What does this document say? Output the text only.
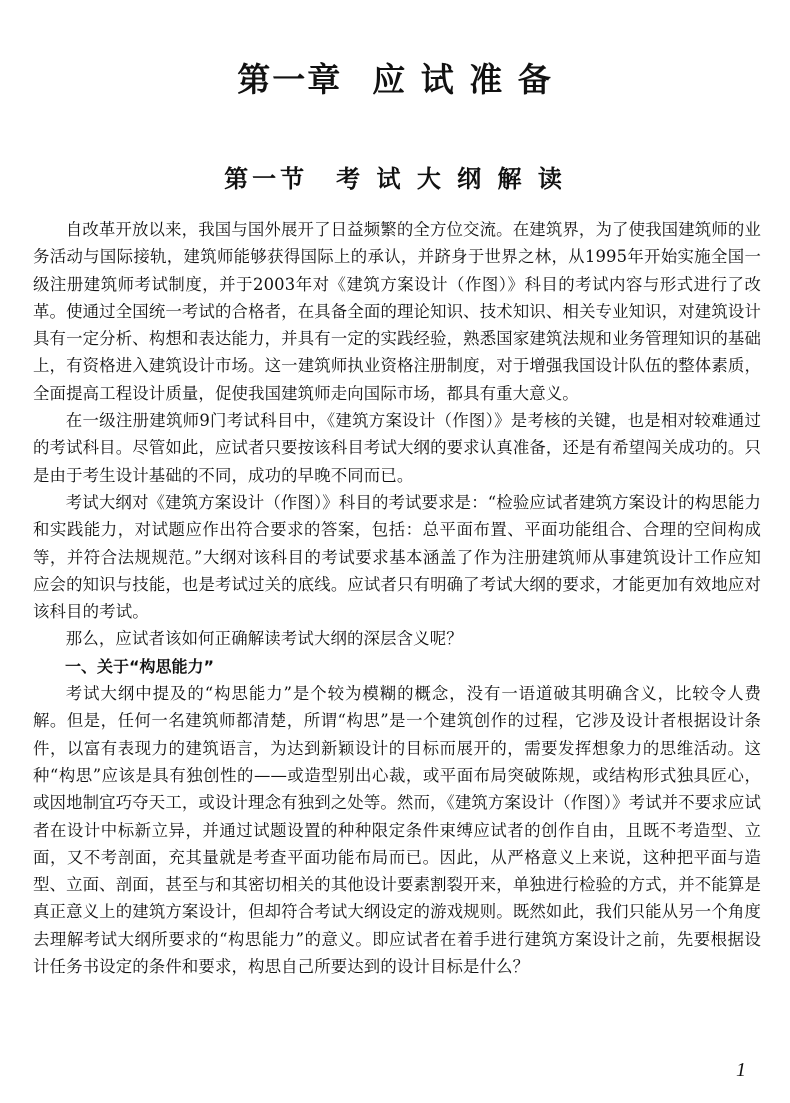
第一章 应 试 准 备
第一节 考 试 大 纲 解 读

自改革开放以来，我国与国外展开了日益频繁的全方位交流。在建筑界，为了使我国建筑师的业务活动与国际接轨，建筑师能够获得国际上的承认，并跻身于世界之林，从1995年开始实施全国一级注册建筑师考试制度，并于2003年对《建筑方案设计（作图）》科目的考试内容与形式进行了改革。使通过全国统一考试的合格者，在具备全面的理论知识、技术知识、相关专业知识，对建筑设计具有一定分析、构想和表达能力，并具有一定的实践经验，熟悉国家建筑法规和业务管理知识的基础上，有资格进入建筑设计市场。这一建筑师执业资格注册制度，对于增强我国设计队伍的整体素质，全面提高工程设计质量，促使我国建筑师走向国际市场，都具有重大意义。

在一级注册建筑师9门考试科目中，《建筑方案设计（作图）》是考核的关键，也是相对较难通过的考试科目。尽管如此，应试者只要按该科目考试大纲的要求认真准备，还是有希望闯关成功的。只是由于考生设计基础的不同，成功的早晚不同而已。

考试大纲对《建筑方案设计（作图）》科目的考试要求是：“检验应试者建筑方案设计的构思能力和实践能力，对试题应作出符合要求的答案，包括：总平面布置、平面功能组合、合理的空间构成等，并符合法规规范。”大纲对该科目的考试要求基本涵盖了作为注册建筑师从事建筑设计工作应知应会的知识与技能，也是考试过关的底线。应试者只有明确了考试大纲的要求，才能更加有效地应对该科目的考试。

那么，应试者该如何正确解读考试大纲的深层含义呢？

一、关于“构思能力”

考试大纲中提及的“构思能力”是个较为模糊的概念，没有一语道破其明确含义，比较令人费解。但是，任何一名建筑师都清楚，所谓“构思”是一个建筑创作的过程，它涉及设计者根据设计条件，以富有表现力的建筑语言，为达到新颖设计的目标而展开的，需要发挥想象力的思维活动。这种“构思”应该是具有独创性的——或造型别出心裁，或平面布局突破陈规，或结构形式独具匠心，或因地制宜巧夺天工，或设计理念有独到之处等。然而，《建筑方案设计（作图）》考试并不要求应试者在设计中标新立异，并通过试题设置的种种限定条件束缚应试者的创作自由，且既不考造型、立面，又不考剖面，充其量就是考查平面功能布局而已。因此，从严格意义上来说，这种把平面与造型、立面、剖面，甚至与和其密切相关的其他设计要素割裂开来，单独进行检验的方式，并不能算是真正意义上的建筑方案设计，但却符合考试大纲设定的游戏规则。既然如此，我们只能从另一个角度去理解考试大纲所要求的“构思能力”的意义。即应试者在着手进行建筑方案设计之前，先要根据设计任务书设定的条件和要求，构思自己所要达到的设计目标是什么？

1
